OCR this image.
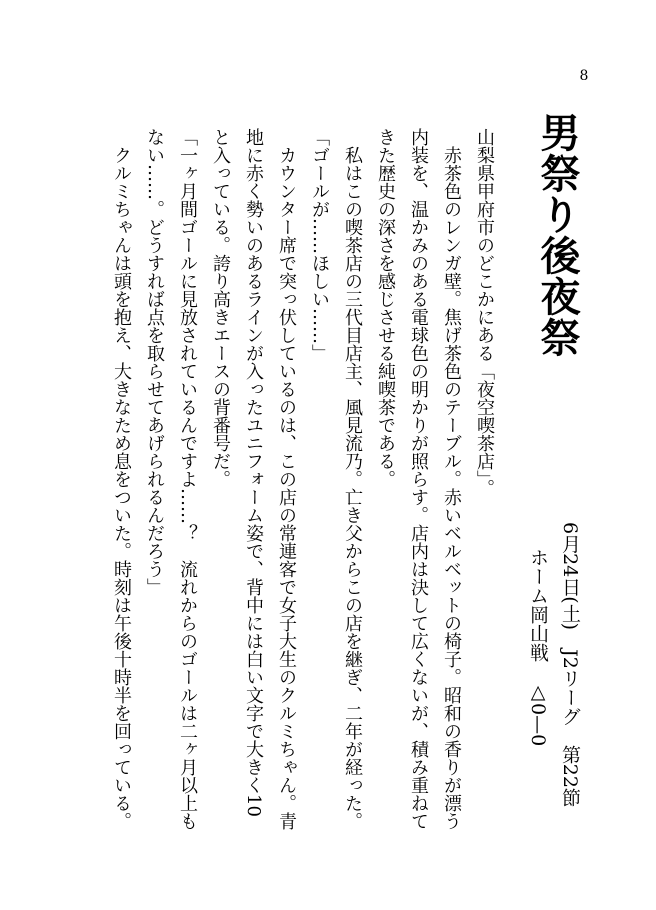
8
男祭り後夜祭
6月24日(土)　J2リーグ　第22節
ホーム岡山戦　△0—0
山梨県甲府市のどこかにある「夜空喫茶店」。
　赤茶色のレンガ壁。焦げ茶色のテーブル。赤いベルベットの椅子。昭和の香りが漂う
内装を、温かみのある電球色の明かりが照らす。店内は決して広くないが、積み重ねて
きた歴史の深さを感じさせる純喫茶である。
　私はこの喫茶店の三代目店主、風見流乃。亡き父からこの店を継ぎ、二年が経った。
「ゴールが……ほしい……」
　カウンター席で突っ伏しているのは、この店の常連客で女子大生のクルミちゃん。青
地に赤く勢いのあるラインが入ったユニフォーム姿で、背中には白い文字で大きく10
と入っている。誇り高きエースの背番号だ。
「一ヶ月間ゴールに見放されているんですよ……？　流れからのゴールは二ヶ月以上も
ない……。どうすれば点を取らせてあげられるんだろう」
　クルミちゃんは頭を抱え、大きなため息をついた。時刻は午後十時半を回っている。
